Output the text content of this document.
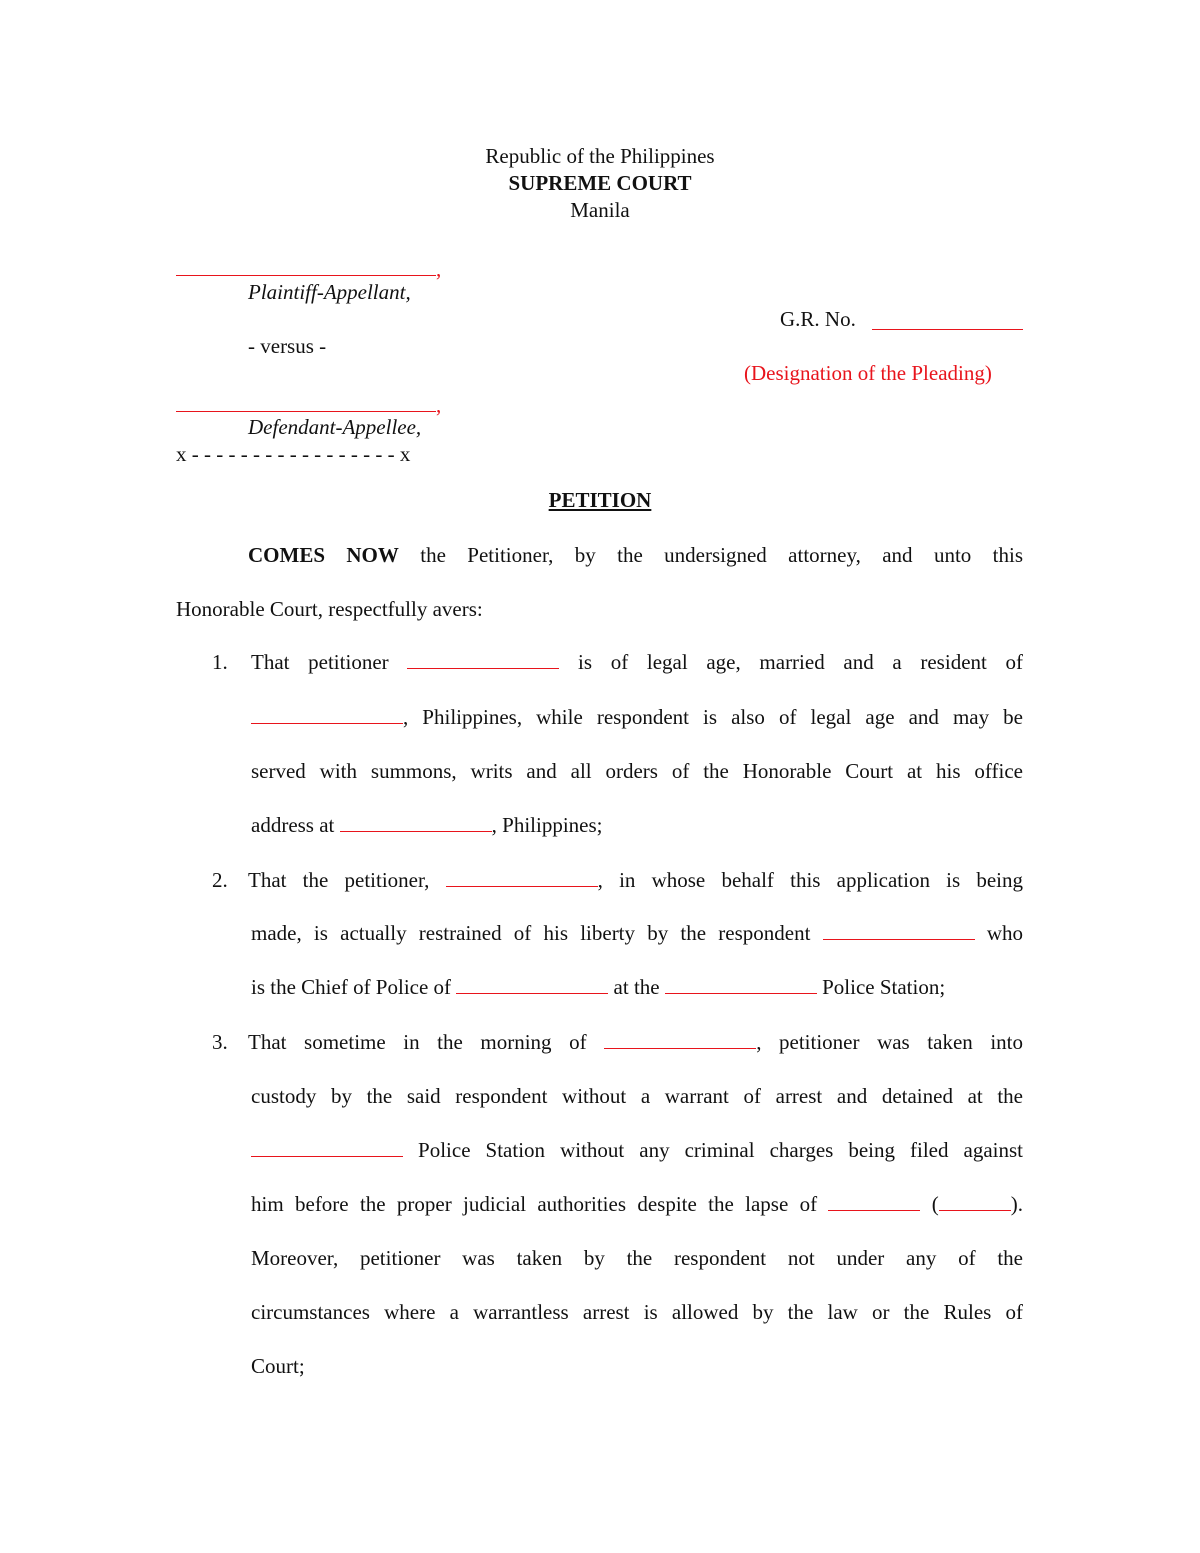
Republic of the Philippines
SUPREME COURT
Manila
,
Plaintiff-Appellant,
- versus -
,
Defendant-Appellee,
x - - - - - - - - - - - - - - - - - x
G.R. No.
(Designation of the Pleading)
PETITION
COMES NOW the Petitioner, by the undersigned attorney, and unto this
Honorable Court, respectfully avers:
1. That petitioner	is of legal age, married and a resident of
, Philippines, while respondent is also of legal age and may be
served with summons, writs and all orders of the Honorable Court at his office
address at	, Philippines;
2. That the petitioner,	, in whose behalf this application is being
made, is actually restrained of his liberty by the respondent	who
is the Chief of Police of	at the	Police Station;
3. That sometime in the morning of	, petitioner was taken into
custody by the said respondent without a warrant of arrest and detained at the
Police Station without any criminal charges being filed against
him before the proper judicial authorities despite the lapse of	(	).
Moreover, petitioner was taken by the respondent not under any of the
circumstances where a warrantless arrest is allowed by the law or the Rules of
Court;
